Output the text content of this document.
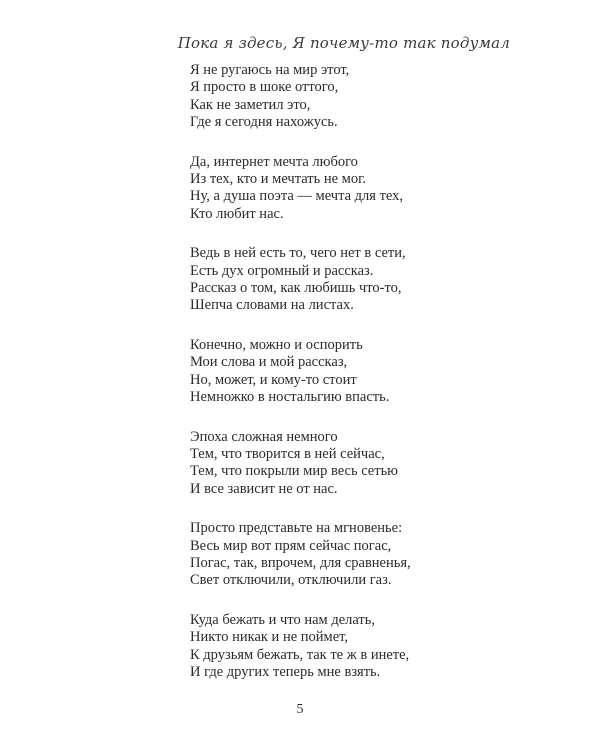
Пока я здесь, Я почему-то так подумал
Я не ругаюсь на мир этот,
Я просто в шоке оттого,
Как не заметил это,
Где я сегодня нахожусь.
Да, интернет мечта любого
Из тех, кто и мечтать не мог.
Ну, а душа поэта — мечта для тех,
Кто любит нас.
Ведь в ней есть то, чего нет в сети,
Есть дух огромный и рассказ.
Рассказ о том, как любишь что-то,
Шепча словами на листах.
Конечно, можно и оспорить
Мои слова и мой рассказ,
Но, может, и кому-то стоит
Немножко в ностальгию впасть.
Эпоха сложная немного
Тем, что творится в ней сейчас,
Тем, что покрыли мир весь сетью
И все зависит не от нас.
Просто представьте на мгновенье:
Весь мир вот прям сейчас погас,
Погас, так, впрочем, для сравненья,
Свет отключили, отключили газ.
Куда бежать и что нам делать,
Никто никак и не поймет,
К друзьям бежать, так те ж в инете,
И где других теперь мне взять.
5
